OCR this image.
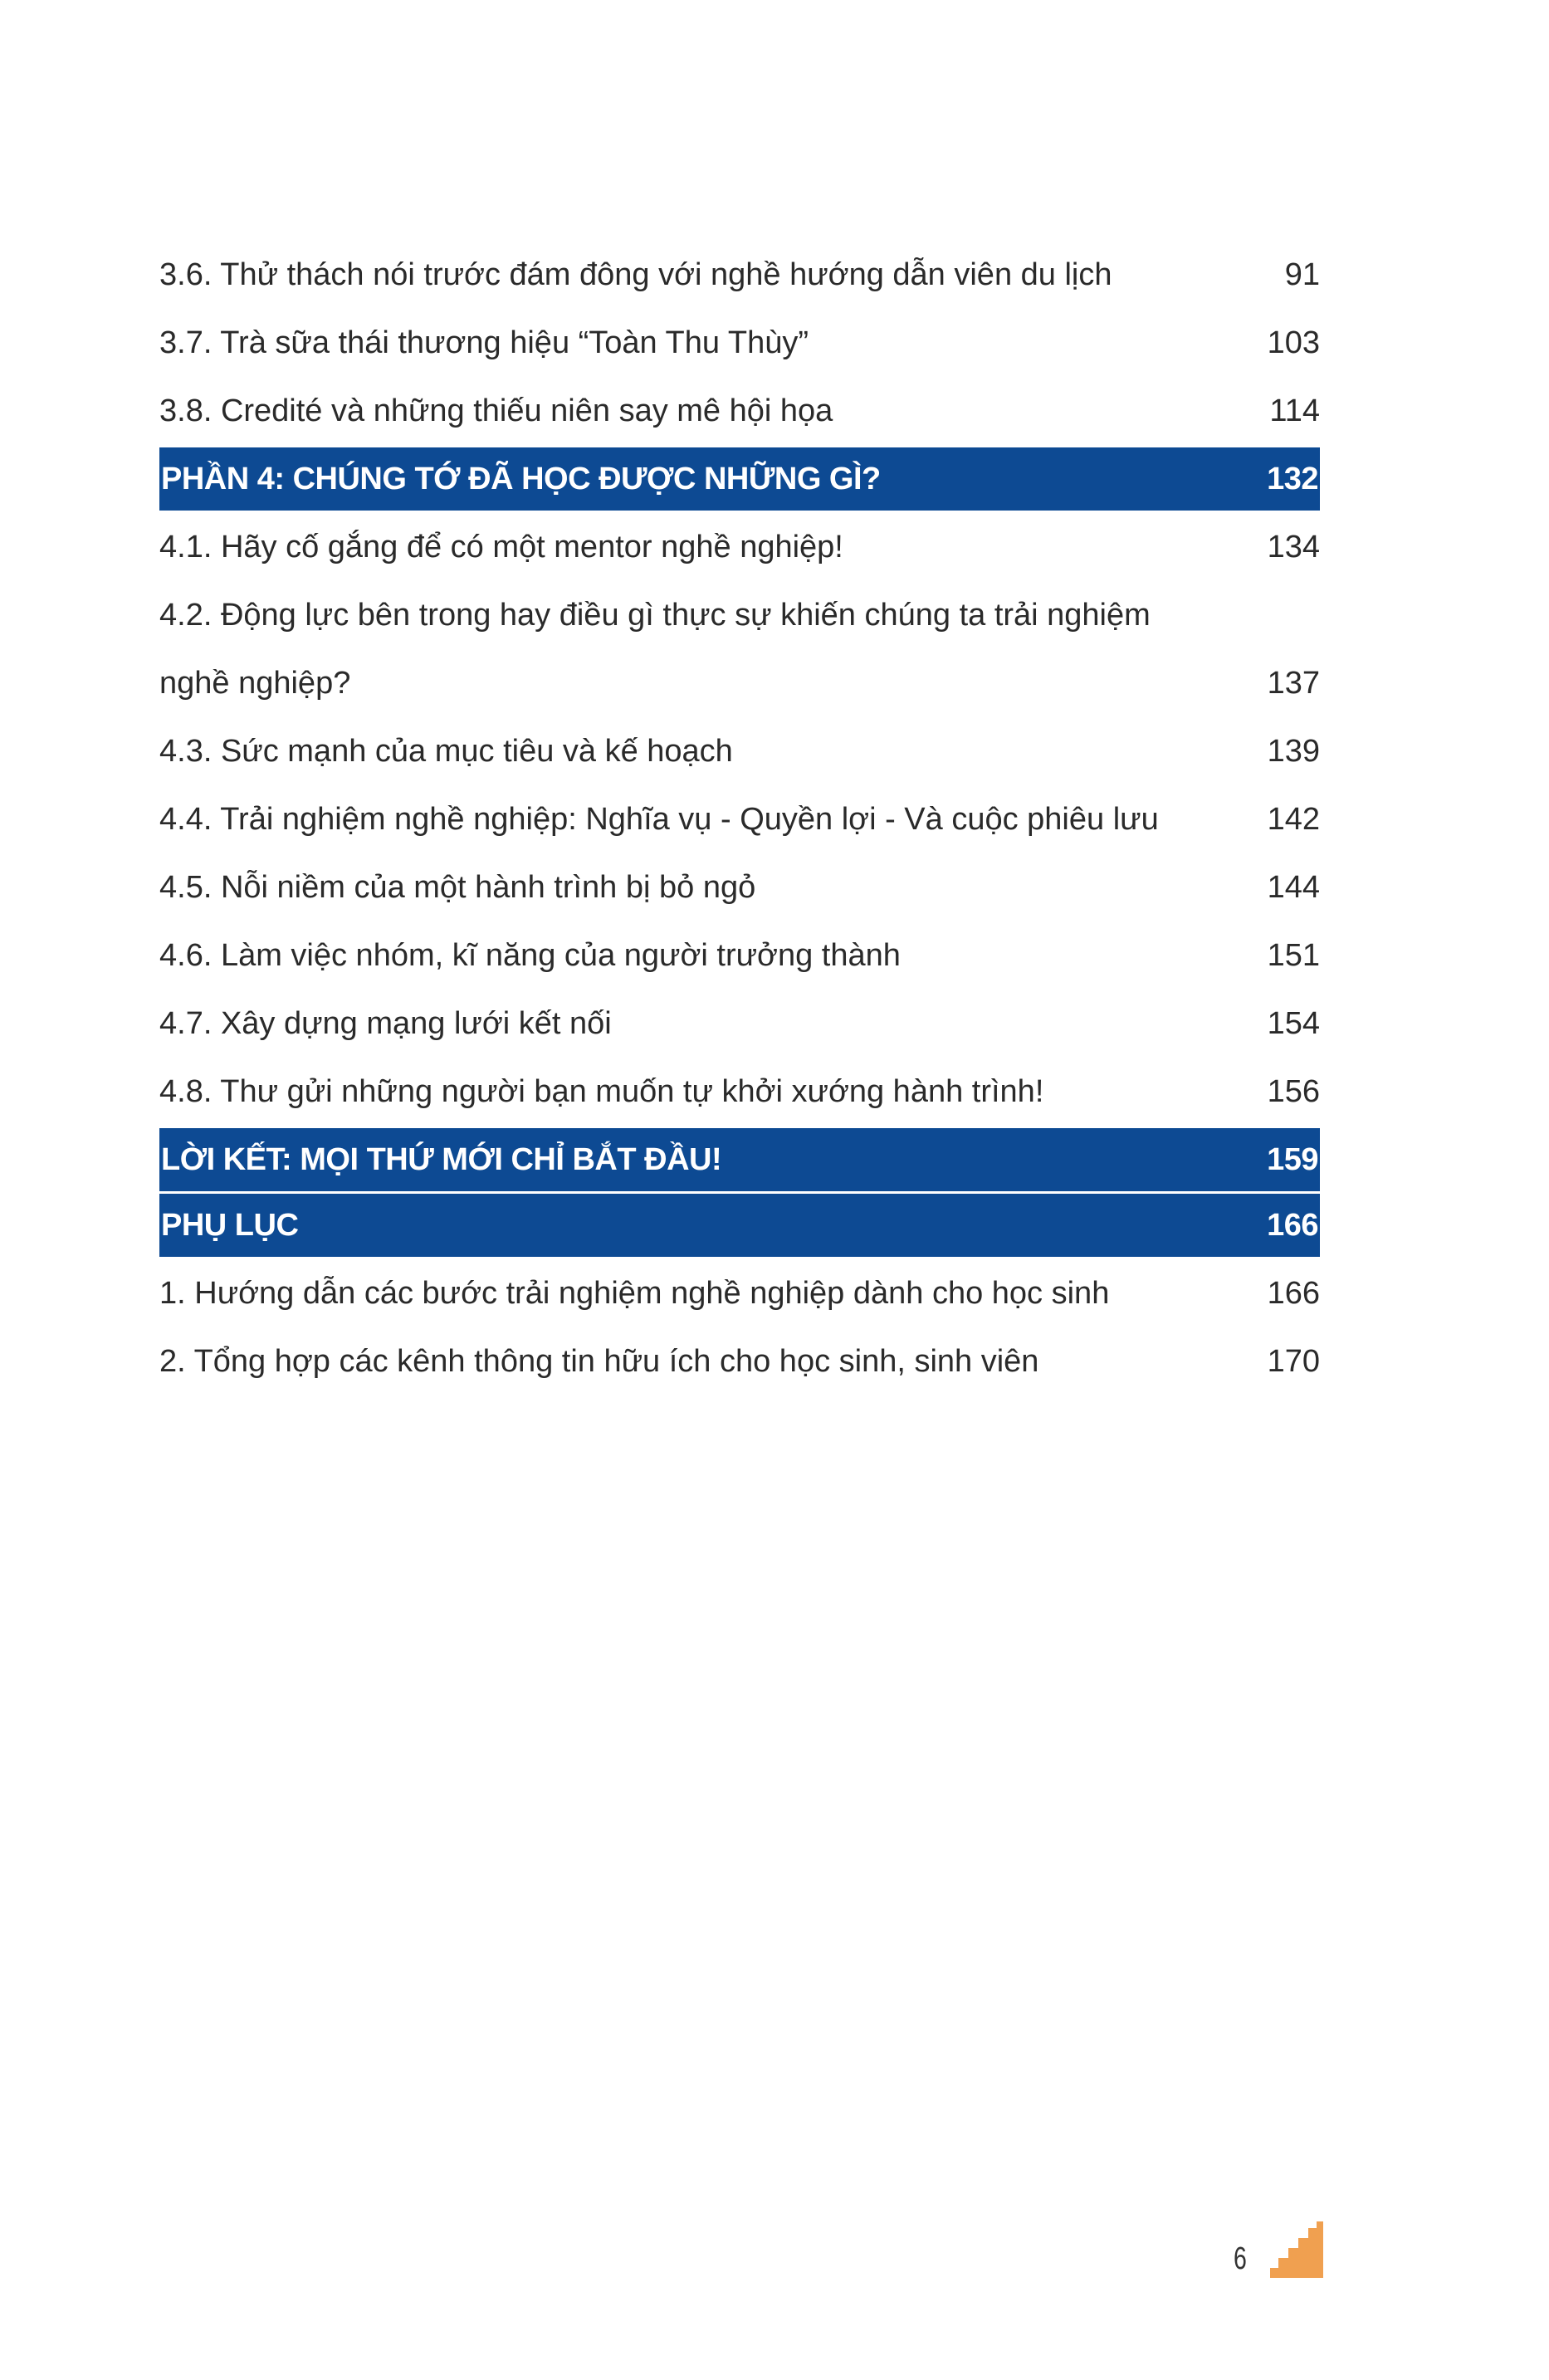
3.6. Thử thách nói trước đám đông với nghề hướng dẫn viên du lịch	91
3.7. Trà sữa thái thương hiệu “Toàn Thu Thùy”	103
3.8. Credité và những thiếu niên say mê hội họa	114
PHẦN 4: CHÚNG TỚ ĐÃ HỌC ĐƯỢC NHỮNG GÌ?	132
4.1. Hãy cố gắng để có một mentor nghề nghiệp!	134
4.2. Động lực bên trong hay điều gì thực sự khiến chúng ta trải nghiệm
nghề nghiệp?	137
4.3. Sức mạnh của mục tiêu và kế hoạch	139
4.4. Trải nghiệm nghề nghiệp: Nghĩa vụ - Quyền lợi - Và cuộc phiêu lưu	142
4.5. Nỗi niềm của một hành trình bị bỏ ngỏ	144
4.6. Làm việc nhóm, kĩ năng của người trưởng thành	151
4.7. Xây dựng mạng lưới kết nối	154
4.8. Thư gửi những người bạn muốn tự khởi xướng hành trình!	156
LỜI KẾT: MỌI THỨ MỚI CHỈ BẮT ĐẦU!	159
PHỤ LỤC	166
1. Hướng dẫn các bước trải nghiệm nghề nghiệp dành cho học sinh	166
2. Tổng hợp các kênh thông tin hữu ích cho học sinh, sinh viên	170
6
